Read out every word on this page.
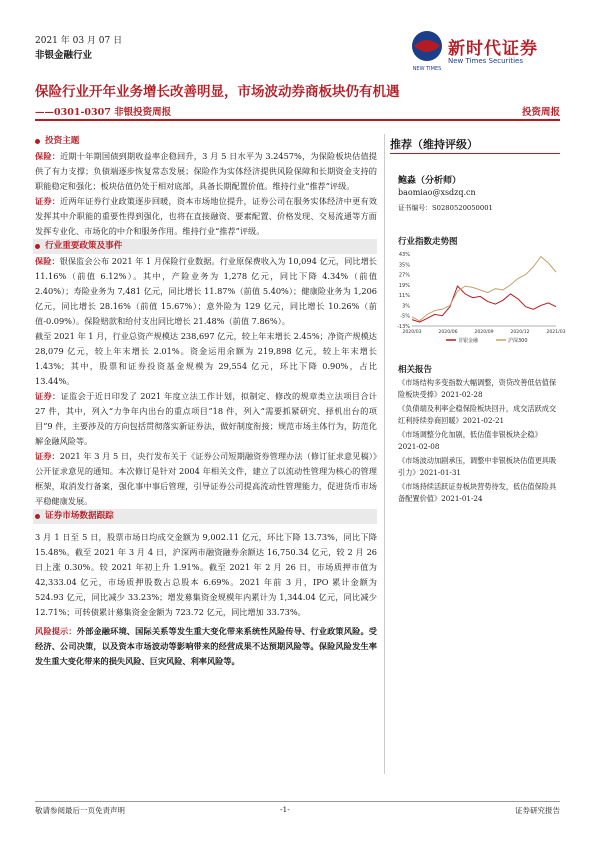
2021 年 03 月 07 日
非银金融行业
NEW TIMES
新时代证券
New Times Securities
保险行业开年业务增长改善明显，市场波动券商板块仍有机遇
——0301-0307 非银投资周报	投资周报
投资主题

保险：近期十年期国债到期收益率企稳回升，3 月 5 日水平为 3.2457%，为保险板块估值提供了有力支撑；负债端逐步恢复常态发展；保险作为实体经济提供风险保障和长期资金支持的职能稳定和强化；板块估值仍处于相对底部，具备长期配置价值。维持行业“推荐”评级。

证券：近两年证券行业政策逐步回暖，资本市场地位提升，证券公司在服务实体经济中更有效发挥其中介职能的重要性得到强化，也将在直接融资、要素配置、价格发现、交易流通等方面发挥专业化、市场化的中介和服务作用。维持行业“推荐”评级。

行业重要政策及事件

保险：银保监会公布 2021 年 1 月保险行业数据。行业原保费收入为 10,094 亿元，同比增长 11.16%（前值 6.12%）。其中，产险业务为 1,278 亿元，同比下降 4.34%（前值 2.40%）；寿险业务为 7,481 亿元，同比增长 11.87%（前值 5.40%）；健康险业务为 1,206 亿元，同比增长 28.16%（前值 15.67%）；意外险为 129 亿元，同比增长 10.26%（前值-0.09%）。保险赔款和给付支出同比增长 21.48%（前值 7.86%）。

截至 2021 年 1 月，行业总资产规模达 238,697 亿元，较上年末增长 2.45%；净资产规模达 28,079 亿元，较上年末增长 2.01%。资金运用余额为 219,898 亿元，较上年末增长 1.43%；其中，股票和证券投资基金规模为 29,554 亿元，环比下降 0.90%，占比 13.44%。

证券：证监会于近日印发了 2021 年度立法工作计划，拟制定、修改的规章类立法项目合计 27 件，其中，列入“力争年内出台的重点项目”18 件，列入“需要抓紧研究、择机出台的项目”9 件，主要涉及的方向包括贯彻落实新证券法，做好制度衔接；规范市场主体行为，防范化解金融风险等。

证券：2021 年 3 月 5 日，央行发布关于《证券公司短期融资券管理办法（修订征求意见稿）》公开征求意见的通知。本次修订是针对 2004 年相关文件，建立了以流动性管理为核心的管理框架，取消发行备案，强化事中事后管理，引导证券公司提高流动性管理能力，促进货币市场平稳健康发展。

证券市场数据跟踪

3 月 1 日至 5 日，股票市场日均成交金额为 9,002.11 亿元，环比下降 13.73%，同比下降 15.48%。截至 2021 年 3 月 4 日，沪深两市融资融券余额达 16,750.34 亿元，较 2 月 26 日上涨 0.30%。较 2021 年初上升 1.91%。截至 2021 年 2 月 26 日，市场质押市值为 42,333.04 亿元，市场质押股数占总股本 6.69%。2021 年前 3 月，IPO 累计金额为 524.93 亿元，同比减少 33.23%；增发募集资金规模年内累计为 1,344.04 亿元，同比减少 12.71%；可转债累计募集资金金额为 723.72 亿元，同比增加 33.73%。

风险提示：外部金融环境、国际关系等发生重大变化带来系统性风险传导、行业政策风险。受经济、公司决策，以及资本市场波动等影响带来的经营成果不达预期风险等。保险风险发生率发生重大变化带来的损失风险、巨灾风险、利率风险等。

推荐（维持评级）
鲍淼（分析师）
baomiao@xsdzq.cn
证书编号：S0280520050001
行业指数走势图
43%
35%
27%
19%
11%
3%
-5%
-13%
2020/03	2020/06	2020/09	2020/12	2021/03
非银金融	沪深300
相关报告
《市场结构多变指数大幅调整，资贷改善低估值保险板块受捧》2021-02-28
《负债端及利率企稳保险板块回升，成交活跃成交红利持续券商回暖》2021-02-21
《市场调整分化加剧，低估值非银板块企稳》2021-02-08
《市场波动加剧承压，调整中非银板块估值更具吸引力》2021-01-31
《市场持续活跃证券板块营势待发，低估值保险具备配置价值》2021-01-24
敬请参阅最后一页免责声明	-1-	证券研究报告
